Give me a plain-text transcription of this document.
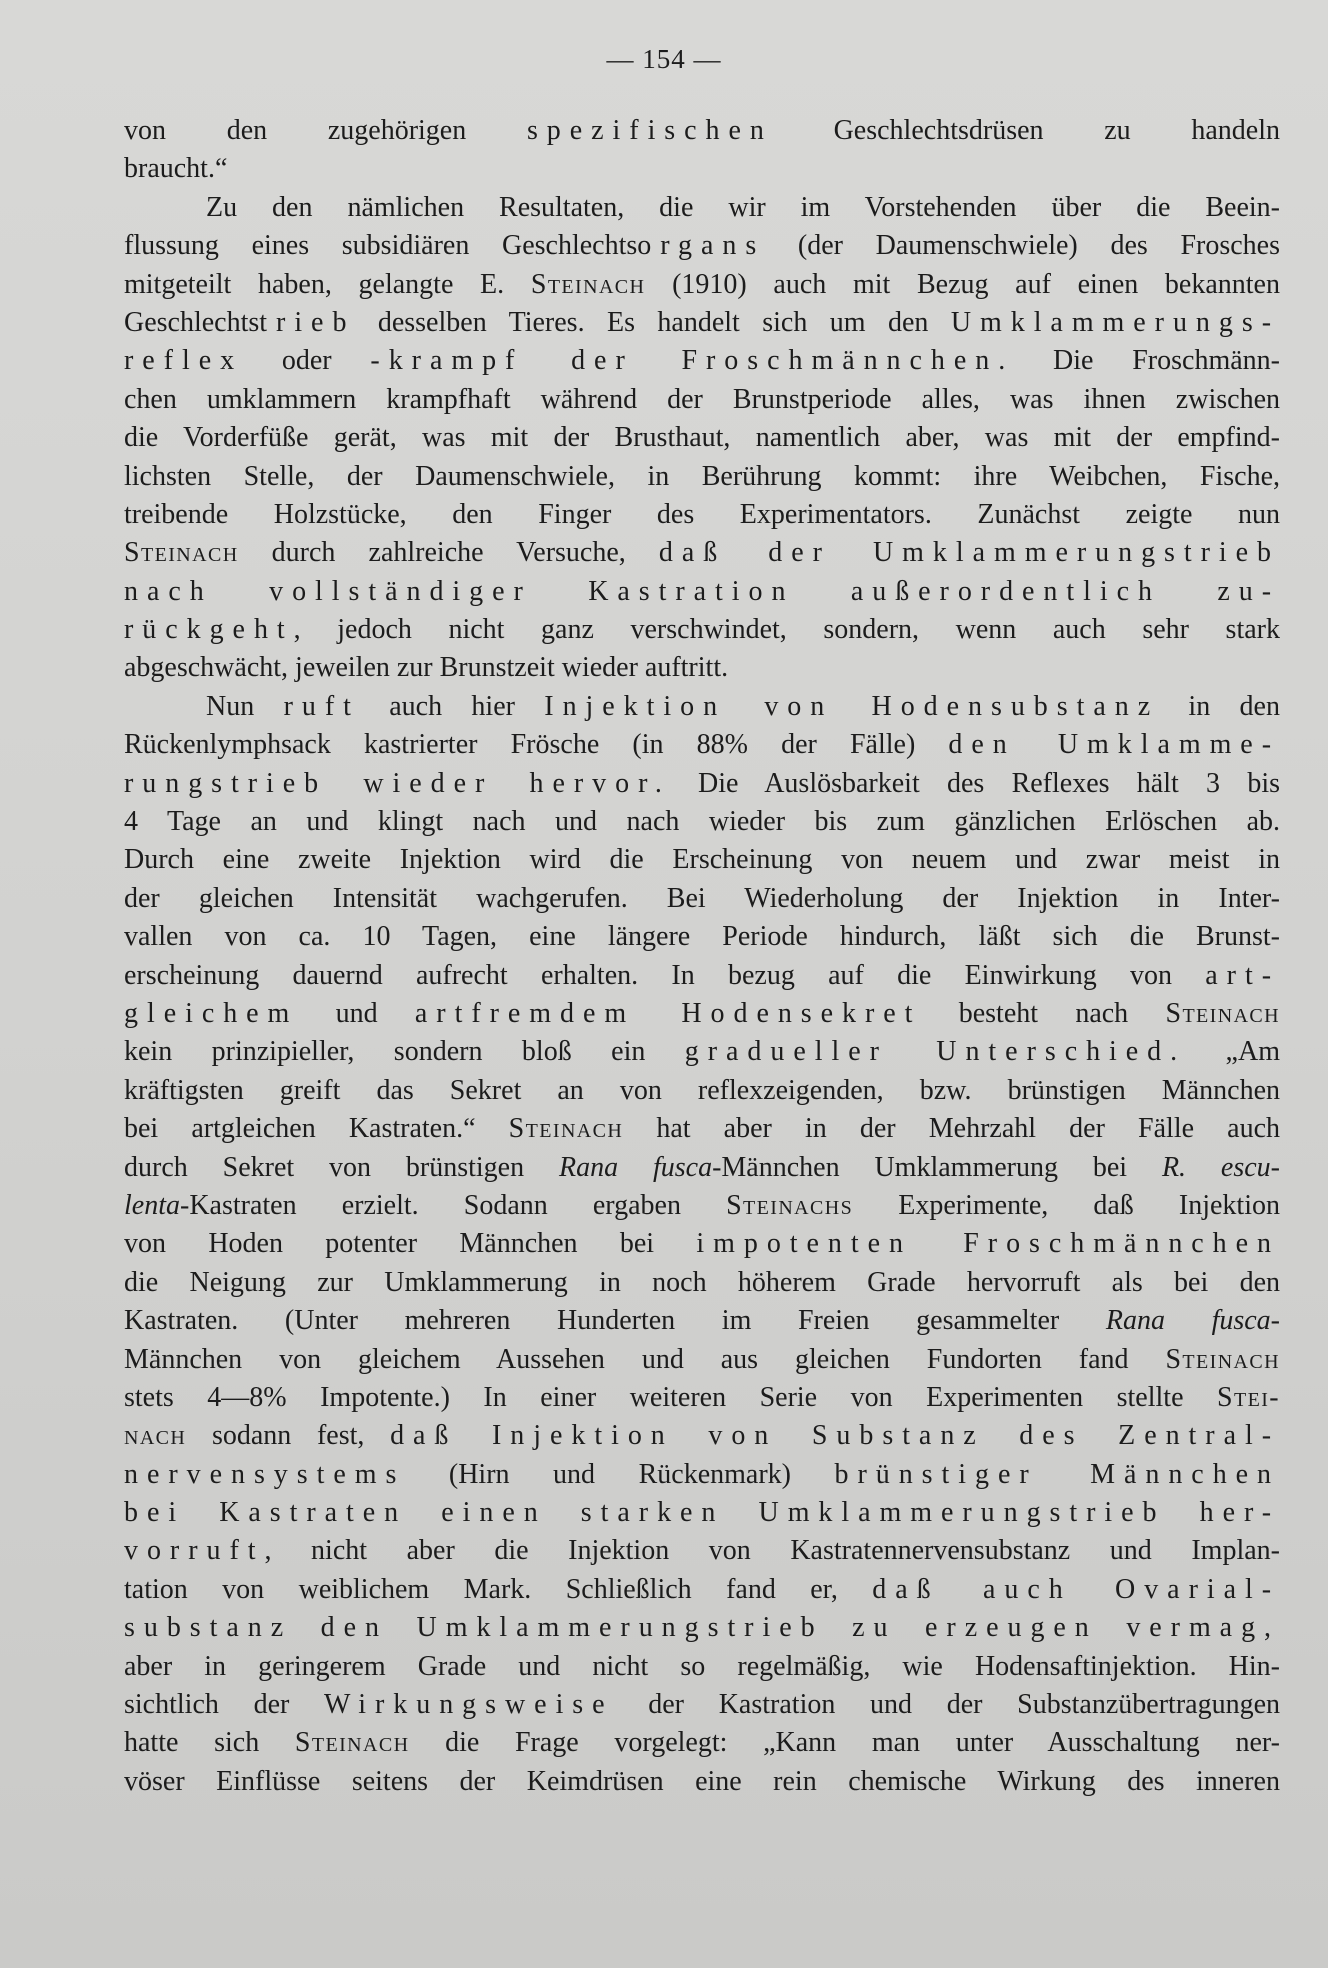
— 154 —
von den zugehörigen spezifischen Geschlechtsdrüsen zu handeln
braucht.“
Zu den nämlichen Resultaten, die wir im Vorstehenden über die Beein-
flussung eines subsidiären Geschlechtsorgans (der Daumenschwiele) des Frosches
mitgeteilt haben, gelangte E. Steinach (1910) auch mit Bezug auf einen bekannten
Geschlechtstrieb desselben Tieres. Es handelt sich um den Umklammerungs-
reflex oder -krampf der Froschmännchen. Die Froschmänn-
chen umklammern krampfhaft während der Brunstperiode alles, was ihnen zwischen
die Vorderfüße gerät, was mit der Brusthaut, namentlich aber, was mit der empfind-
lichsten Stelle, der Daumenschwiele, in Berührung kommt: ihre Weibchen, Fische,
treibende Holzstücke, den Finger des Experimentators. Zunächst zeigte nun
Steinach durch zahlreiche Versuche, daß der Umklammerungstrieb
nach vollständiger Kastration außerordentlich zu-
rückgeht, jedoch nicht ganz verschwindet, sondern, wenn auch sehr stark
abgeschwächt, jeweilen zur Brunstzeit wieder auftritt.
Nun ruft auch hier Injektion von Hodensubstanz in den
Rückenlymphsack kastrierter Frösche (in 88% der Fälle) den Umklamme-
rungstrieb wieder hervor. Die Auslösbarkeit des Reflexes hält 3 bis
4 Tage an und klingt nach und nach wieder bis zum gänzlichen Erlöschen ab.
Durch eine zweite Injektion wird die Erscheinung von neuem und zwar meist in
der gleichen Intensität wachgerufen. Bei Wiederholung der Injektion in Inter-
vallen von ca. 10 Tagen, eine längere Periode hindurch, läßt sich die Brunst-
erscheinung dauernd aufrecht erhalten. In bezug auf die Einwirkung von art-
gleichem und artfremdem Hodensekret besteht nach Steinach
kein prinzipieller, sondern bloß ein gradueller Unterschied. „Am
kräftigsten greift das Sekret an von reflexzeigenden, bzw. brünstigen Männchen
bei artgleichen Kastraten.“ Steinach hat aber in der Mehrzahl der Fälle auch
durch Sekret von brünstigen Rana fusca-Männchen Umklammerung bei R. escu-
lenta-Kastraten erzielt. Sodann ergaben Steinachs Experimente, daß Injektion
von Hoden potenter Männchen bei impotenten Froschmännchen
die Neigung zur Umklammerung in noch höherem Grade hervorruft als bei den
Kastraten. (Unter mehreren Hunderten im Freien gesammelter Rana fusca-
Männchen von gleichem Aussehen und aus gleichen Fundorten fand Steinach
stets 4—8% Impotente.) In einer weiteren Serie von Experimenten stellte Stei-
nach sodann fest, daß Injektion von Substanz des Zentral-
nervensystems (Hirn und Rückenmark) brünstiger Männchen
bei Kastraten einen starken Umklammerungstrieb her-
vorruft, nicht aber die Injektion von Kastratennervensubstanz und Implan-
tation von weiblichem Mark. Schließlich fand er, daß auch Ovarial-
substanz den Umklammerungstrieb zu erzeugen vermag,
aber in geringerem Grade und nicht so regelmäßig, wie Hodensaftinjektion. Hin-
sichtlich der Wirkungsweise der Kastration und der Substanzübertragungen
hatte sich Steinach die Frage vorgelegt: „Kann man unter Ausschaltung ner-
vöser Einflüsse seitens der Keimdrüsen eine rein chemische Wirkung des inneren
